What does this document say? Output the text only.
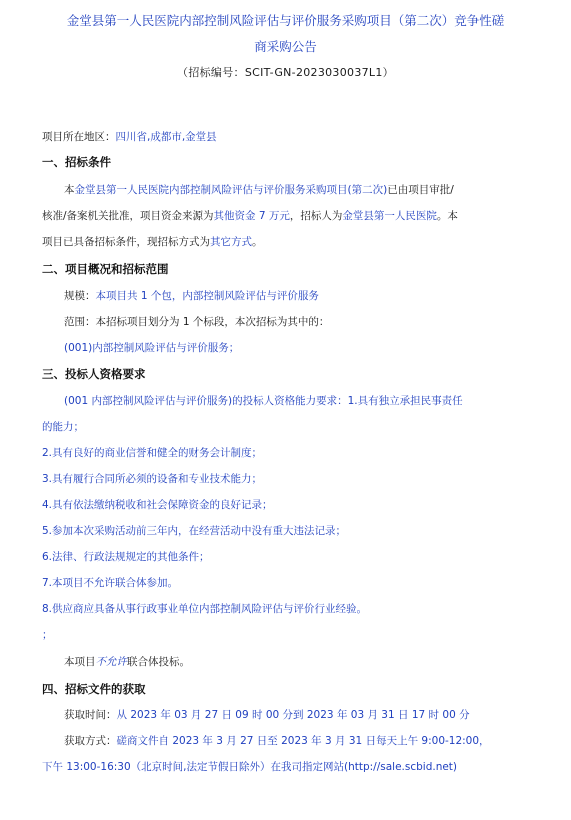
金堂县第一人民医院内部控制风险评估与评价服务采购项目（第二次）竞争性磋
商采购公告
（招标编号：SCIT-GN-2023030037L1）
项目所在地区：四川省,成都市,金堂县
一、招标条件
本金堂县第一人民医院内部控制风险评估与评价服务采购项目(第二次)已由项目审批/
核准/备案机关批准，项目资金来源为其他资金 7 万元，招标人为金堂县第一人民医院。本
项目已具备招标条件，现招标方式为其它方式。
二、项目概况和招标范围
规模：本项目共 1 个包，内部控制风险评估与评价服务
范围：本招标项目划分为 1 个标段，本次招标为其中的：
(001)内部控制风险评估与评价服务；
三、投标人资格要求
(001 内部控制风险评估与评价服务)的投标人资格能力要求：1.具有独立承担民事责任
的能力；
2.具有良好的商业信誉和健全的财务会计制度；
3.具有履行合同所必须的设备和专业技术能力；
4.具有依法缴纳税收和社会保障资金的良好记录；
5.参加本次采购活动前三年内，在经营活动中没有重大违法记录；
6.法律、行政法规规定的其他条件；
7.本项目不允许联合体参加。
8.供应商应具备从事行政事业单位内部控制风险评估与评价行业经验。
；
本项目不允许联合体投标。
四、招标文件的获取
获取时间：从 2023 年 03 月 27 日 09 时 00 分到 2023 年 03 月 31 日 17 时 00 分
获取方式：磋商文件自 2023 年 3 月 27 日至 2023 年 3 月 31 日每天上午 9:00-12:00，
下午 13:00-16:30（北京时间,法定节假日除外）在我司指定网站(http://sale.scbid.net)
